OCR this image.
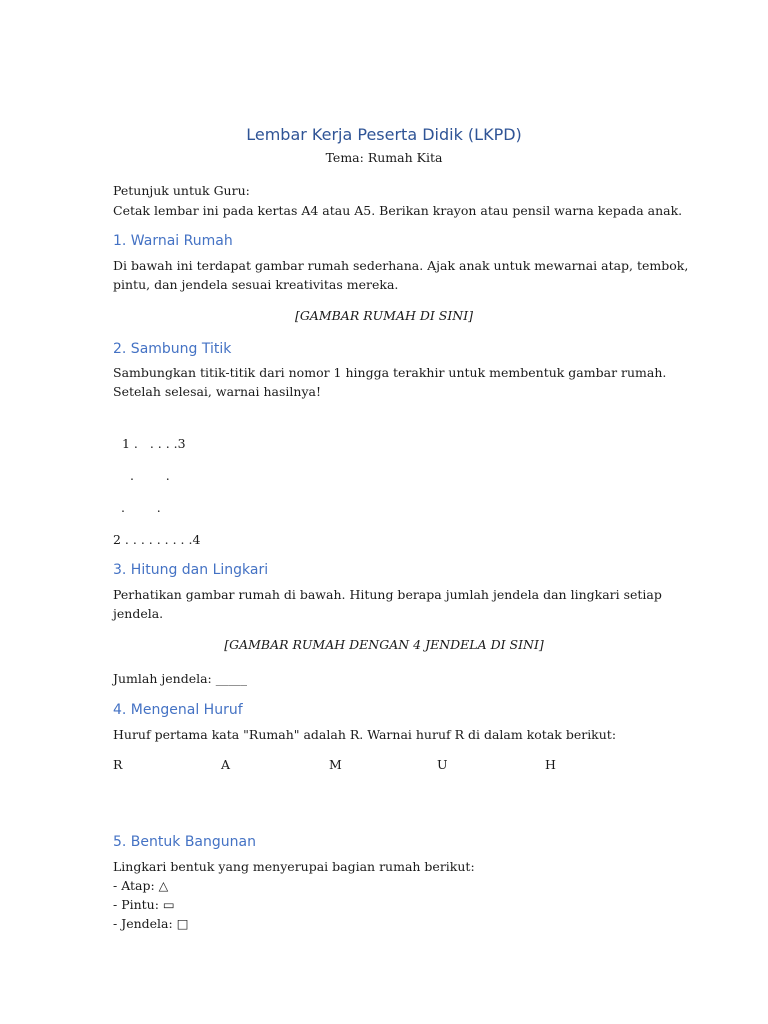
Lembar Kerja Peserta Didik (LKPD)
Tema: Rumah Kita
Petunjuk untuk Guru:
Cetak lembar ini pada kertas A4 atau A5. Berikan krayon atau pensil warna kepada anak.
1. Warnai Rumah
Di bawah ini terdapat gambar rumah sederhana. Ajak anak untuk mewarnai atap, tembok,
pintu, dan jendela sesuai kreativitas mereka.
[GAMBAR RUMAH DI SINI]
2. Sambung Titik
Sambungkan titik-titik dari nomor 1 hingga terakhir untuk membentuk gambar rumah.
Setelah selesai, warnai hasilnya!
1 .   . . . .3
.        .
.        .
2 . . . . . . . . .4
3. Hitung dan Lingkari
Perhatikan gambar rumah di bawah. Hitung berapa jumlah jendela dan lingkari setiap
jendela.
[GAMBAR RUMAH DENGAN 4 JENDELA DI SINI]
Jumlah jendela: _____
4. Mengenal Huruf
Huruf pertama kata "Rumah" adalah R. Warnai huruf R di dalam kotak berikut:
R	A	M	U	H
5. Bentuk Bangunan
Lingkari bentuk yang menyerupai bagian rumah berikut:
- Atap: △
- Pintu: ▭
- Jendela: □
